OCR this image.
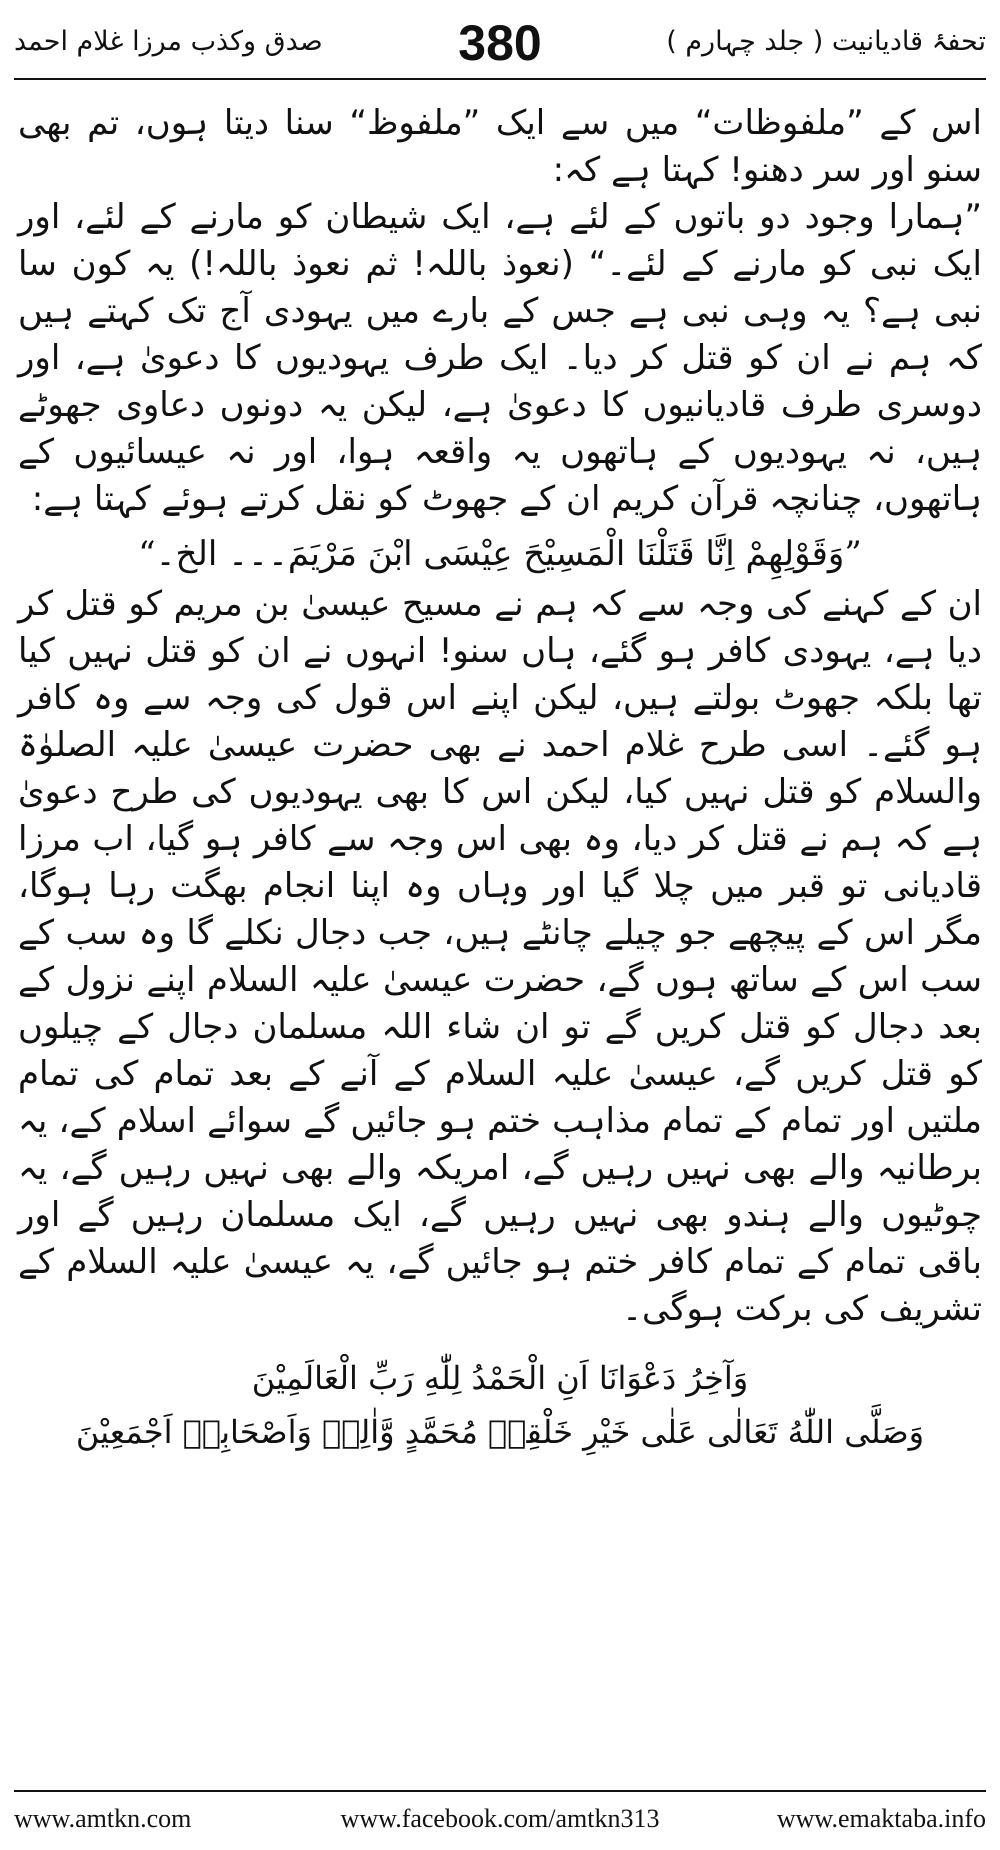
صدق وکذب مرزا غلام احمد	380	تحفۂ قادیانیت ( جلد چہارم )

اس کے ”ملفوظات“ میں سے ایک ”ملفوظ“ سنا دیتا ہوں، تم بھی سنو اور سر دھنو! کہتا ہے کہ:

”ہمارا وجود دو باتوں کے لئے ہے، ایک شیطان کو مارنے کے لئے، اور ایک نبی کو مارنے کے لئے۔“ (نعوذ باللہ! ثم نعوذ باللہ!) یہ کون سا نبی ہے؟ یہ وہی نبی ہے جس کے بارے میں یہودی آج تک کہتے ہیں کہ ہم نے ان کو قتل کر دیا۔ ایک طرف یہودیوں کا دعویٰ ہے، اور دوسری طرف قادیانیوں کا دعویٰ ہے، لیکن یہ دونوں دعاوی جھوٹے ہیں، نہ یہودیوں کے ہاتھوں یہ واقعہ ہوا، اور نہ عیسائیوں کے ہاتھوں، چنانچہ قرآن کریم ان کے جھوٹ کو نقل کرتے ہوئے کہتا ہے:

”وَقَوْلِهِمْ اِنَّا قَتَلْنَا الْمَسِيْحَ عِيْسَى ابْنَ مَرْيَمَ۔۔۔ الخ۔“

ان کے کہنے کی وجہ سے کہ ہم نے مسیح عیسیٰ بن مریم کو قتل کر دیا ہے، یہودی کافر ہو گئے، ہاں سنو! انہوں نے ان کو قتل نہیں کیا تھا بلکہ جھوٹ بولتے ہیں، لیکن اپنے اس قول کی وجہ سے وہ کافر ہو گئے۔ اسی طرح غلام احمد نے بھی حضرت عیسیٰ علیہ الصلوٰۃ والسلام کو قتل نہیں کیا، لیکن اس کا بھی یہودیوں کی طرح دعویٰ ہے کہ ہم نے قتل کر دیا، وہ بھی اس وجہ سے کافر ہو گیا، اب مرزا قادیانی تو قبر میں چلا گیا اور وہاں وہ اپنا انجام بھگت رہا ہوگا، مگر اس کے پیچھے جو چیلے چانٹے ہیں، جب دجال نکلے گا وہ سب کے سب اس کے ساتھ ہوں گے، حضرت عیسیٰ علیہ السلام اپنے نزول کے بعد دجال کو قتل کریں گے تو ان شاء اللہ مسلمان دجال کے چیلوں کو قتل کریں گے، عیسیٰ علیہ السلام کے آنے کے بعد تمام کی تمام ملتیں اور تمام کے تمام مذاہب ختم ہو جائیں گے سوائے اسلام کے، یہ برطانیہ والے بھی نہیں رہیں گے، امریکہ والے بھی نہیں رہیں گے، یہ چوٹیوں والے ہندو بھی نہیں رہیں گے، ایک مسلمان رہیں گے اور باقی تمام کے تمام کافر ختم ہو جائیں گے، یہ عیسیٰ علیہ السلام کے تشریف کی برکت ہوگی۔

وَآخِرُ دَعْوَانَا اَنِ الْحَمْدُ لِلّٰهِ رَبِّ الْعَالَمِيْنَ

وَصَلَّى اللّٰهُ تَعَالٰى عَلٰى خَيْرِ خَلْقِهٖ مُحَمَّدٍ وَّاٰلِهٖ وَاَصْحَابِهٖ اَجْمَعِيْنَ

www.amtkn.com	www.facebook.com/amtkn313	www.emaktaba.info
